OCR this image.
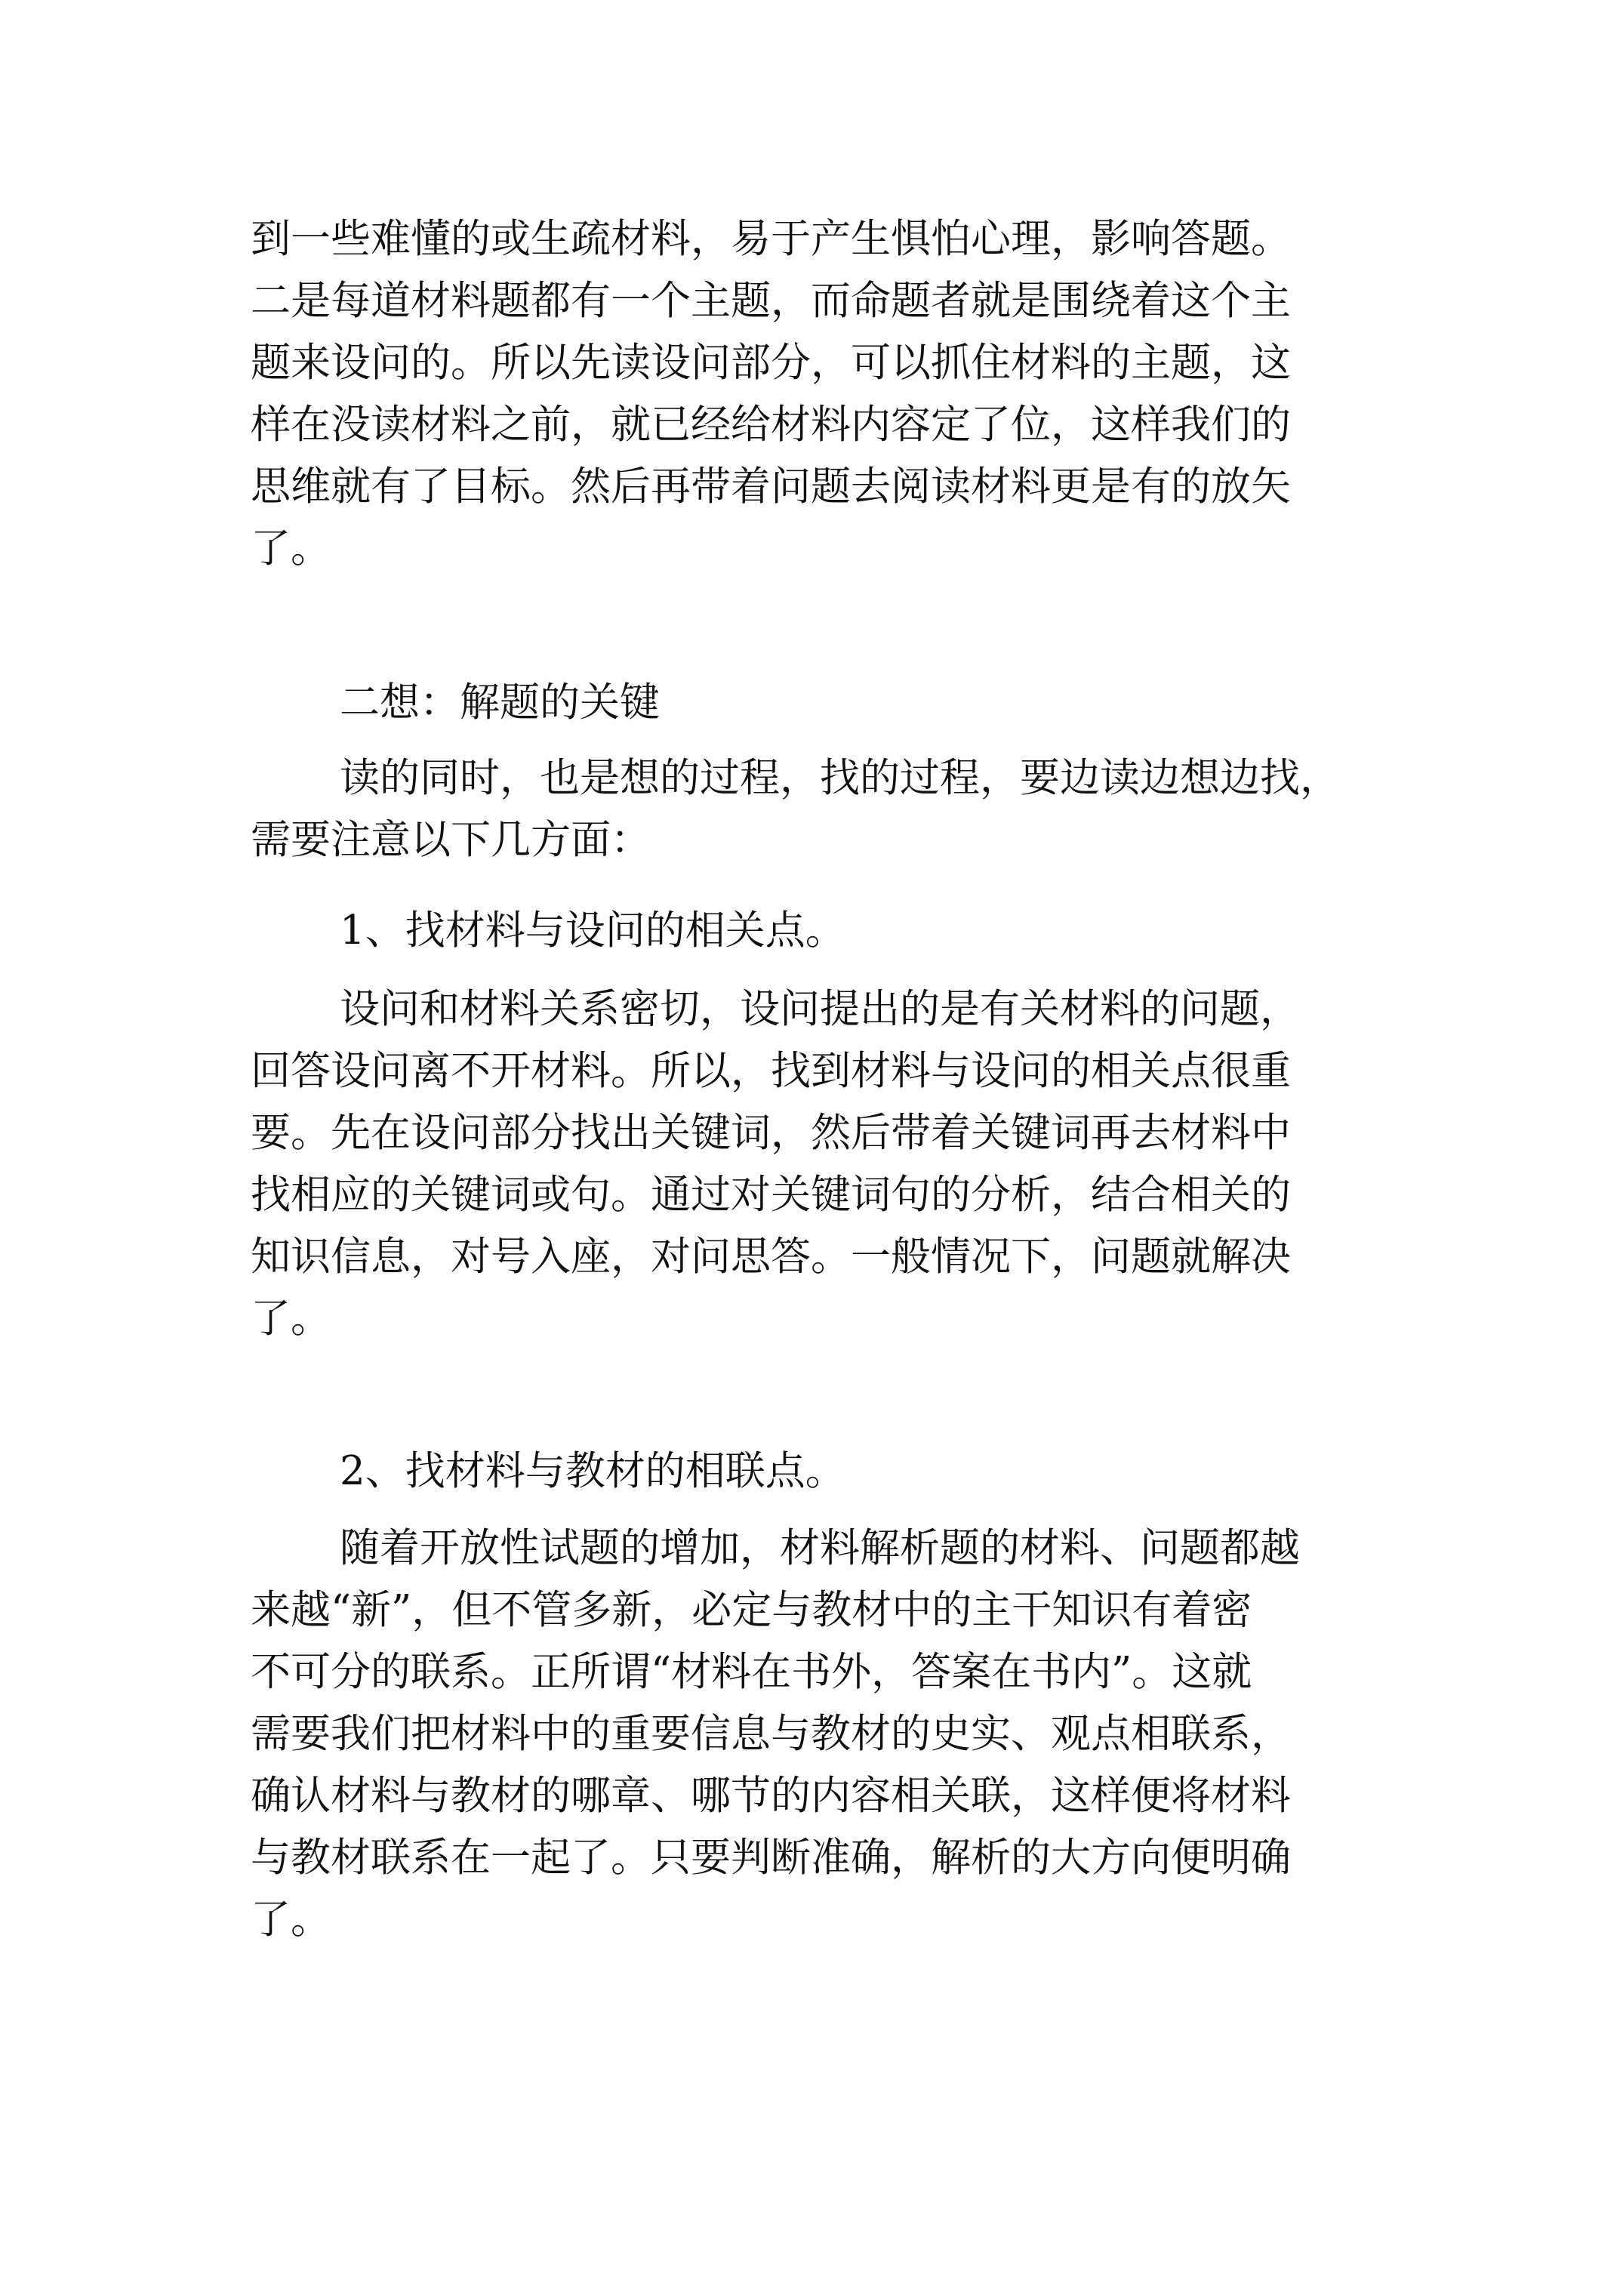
到一些难懂的或生疏材料，易于产生惧怕心理，影响答题。
二是每道材料题都有一个主题，而命题者就是围绕着这个主
题来设问的。所以先读设问部分，可以抓住材料的主题，这
样在没读材料之前，就已经给材料内容定了位，这样我们的
思维就有了目标。然后再带着问题去阅读材料更是有的放矢
了。

二想：解题的关键

读的同时，也是想的过程，找的过程，要边读边想边找，
需要注意以下几方面：

1、找材料与设问的相关点。

设问和材料关系密切，设问提出的是有关材料的问题，
回答设问离不开材料。所以，找到材料与设问的相关点很重
要。先在设问部分找出关键词，然后带着关键词再去材料中
找相应的关键词或句。通过对关键词句的分析，结合相关的
知识信息，对号入座，对问思答。一般情况下，问题就解决
了。

2、找材料与教材的相联点。

随着开放性试题的增加，材料解析题的材料、问题都越
来越“新”，但不管多新，必定与教材中的主干知识有着密
不可分的联系。正所谓“材料在书外，答案在书内”。这就
需要我们把材料中的重要信息与教材的史实、观点相联系，
确认材料与教材的哪章、哪节的内容相关联，这样便将材料
与教材联系在一起了。只要判断准确，解析的大方向便明确
了。
